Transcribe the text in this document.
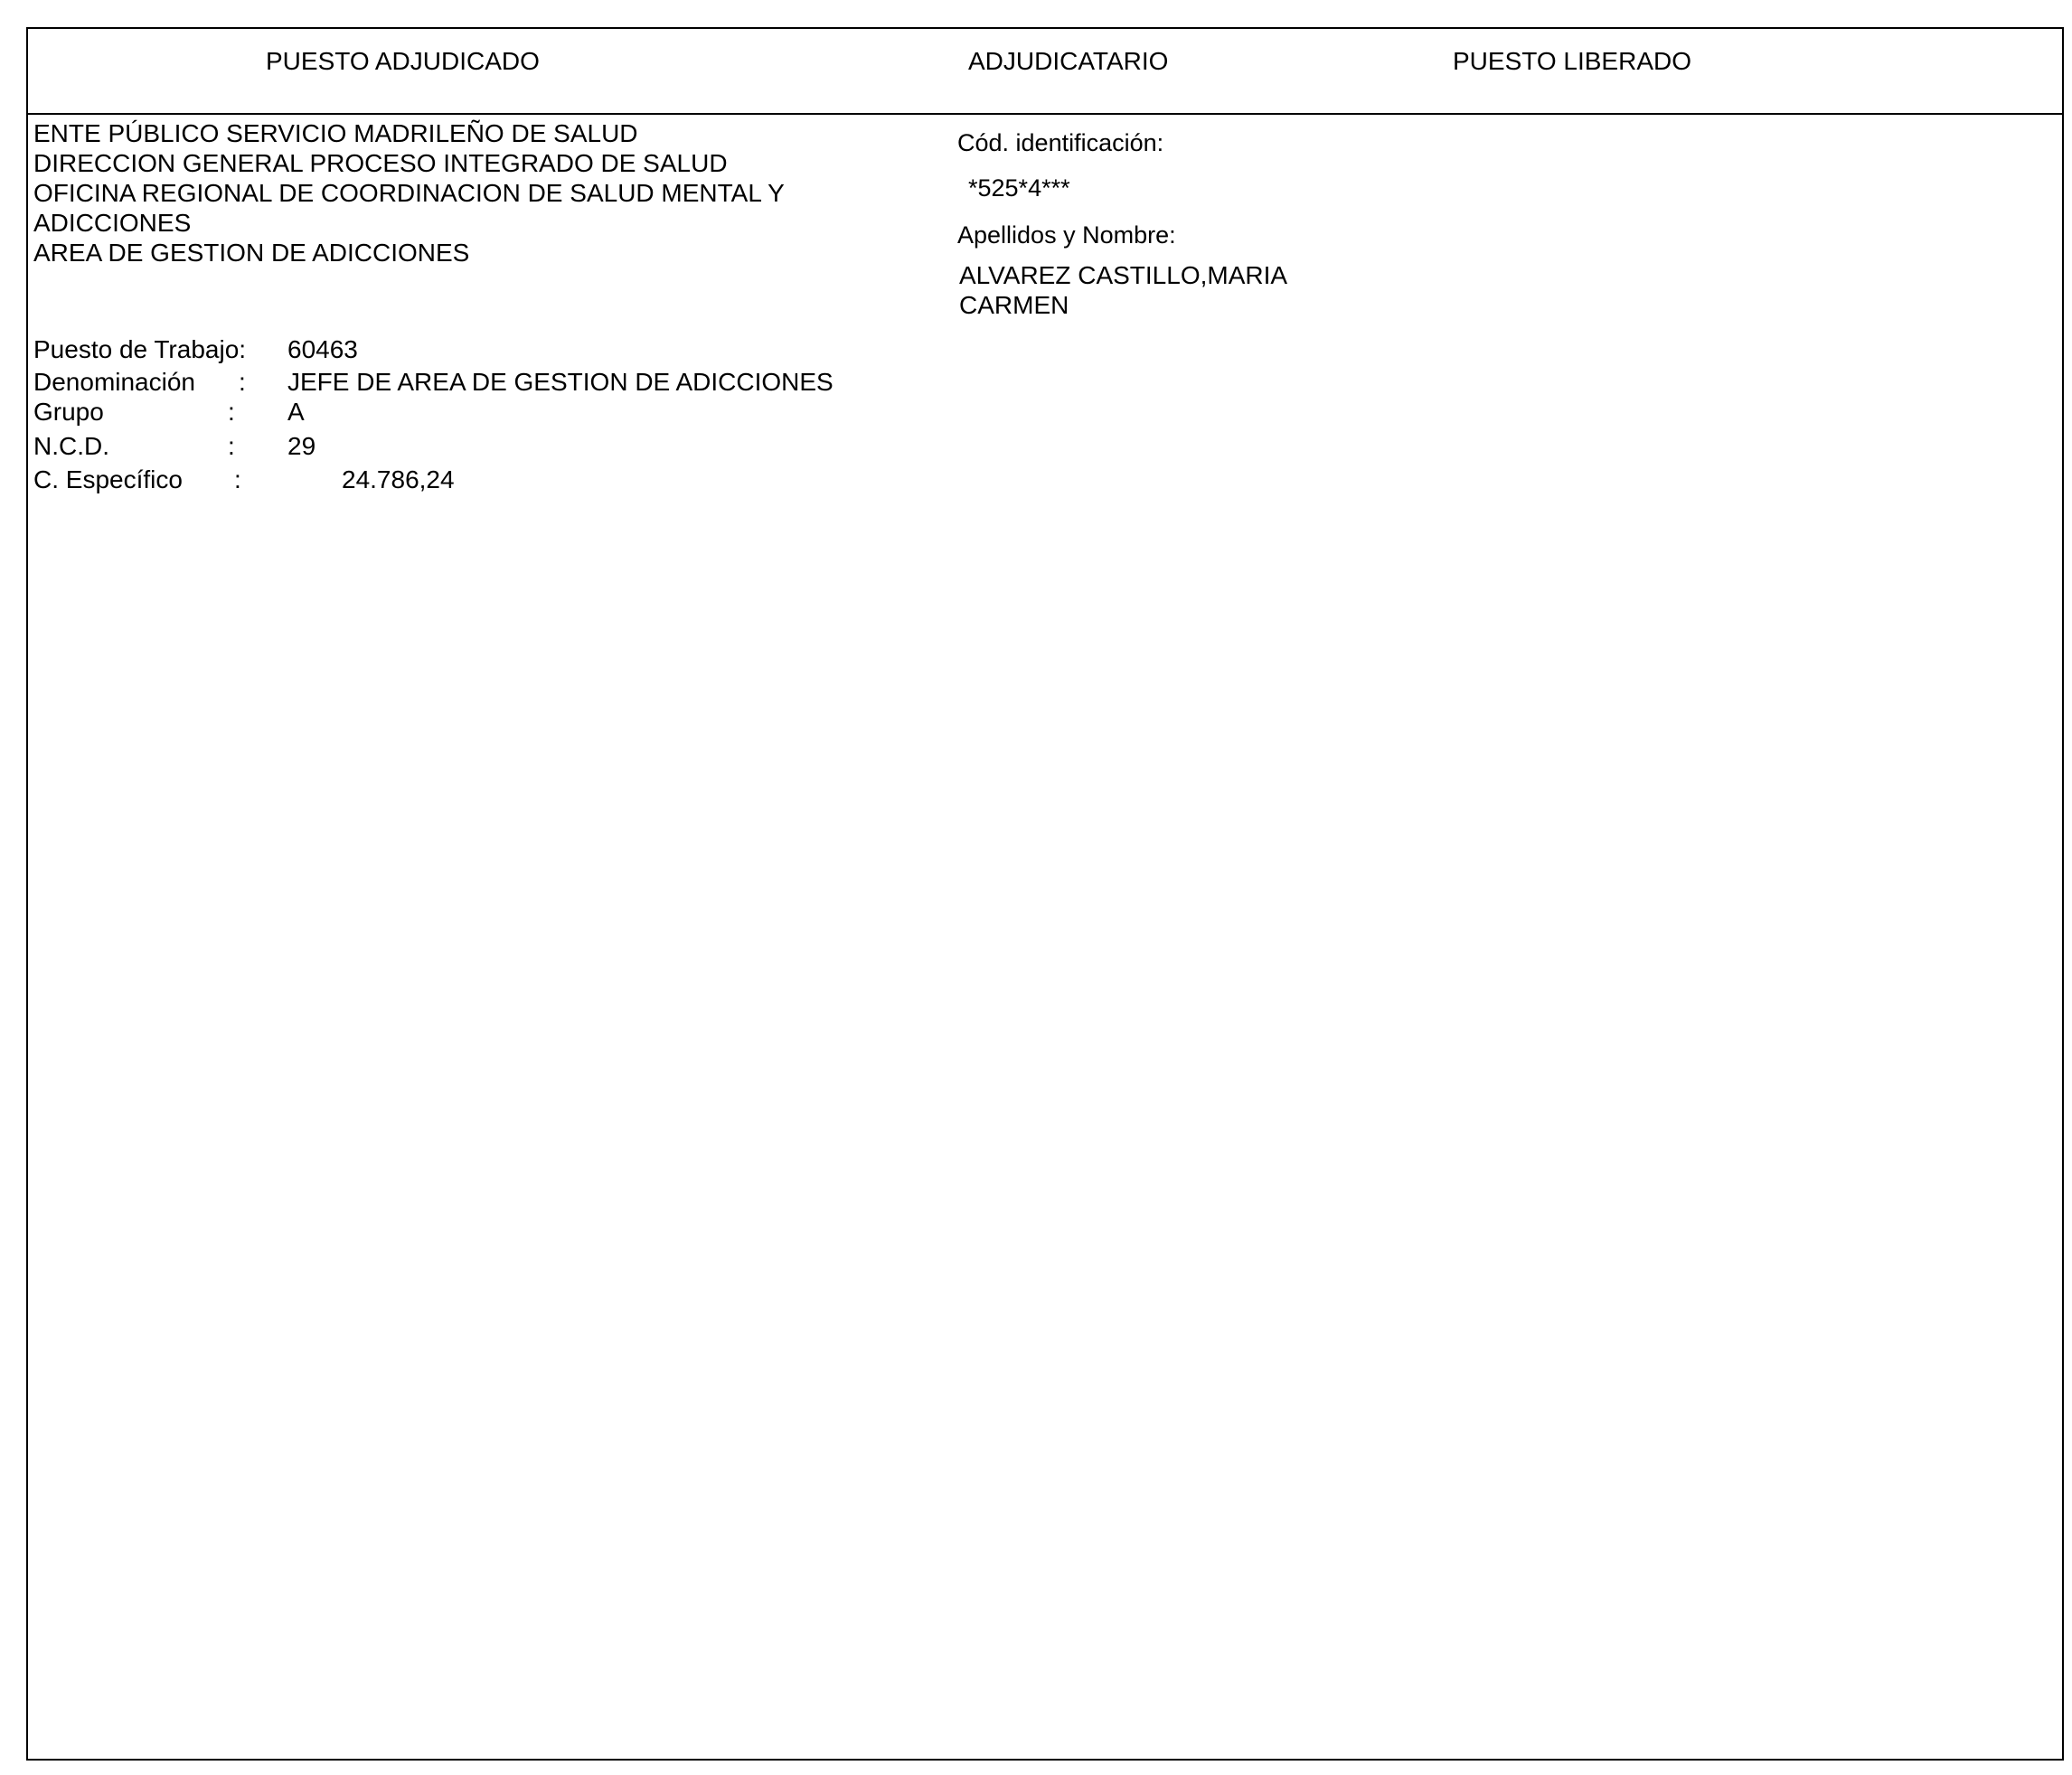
PUESTO ADJUDICADO	ADJUDICATARIO	PUESTO LIBERADO
ENTE PÚBLICO SERVICIO MADRILEÑO DE SALUD
DIRECCION GENERAL PROCESO INTEGRADO DE SALUD
OFICINA REGIONAL DE COORDINACION DE SALUD MENTAL Y
ADICCIONES
AREA DE GESTION DE ADICCIONES
Puesto de Trabajo: 60463
Denominación : JEFE DE AREA DE GESTION DE ADICCIONES
Grupo	: A
N.C.D.	: 29
C. Específico :	24.786,24
Cód. identificación:
*525*4***
Apellidos y Nombre:
ALVAREZ CASTILLO,MARIA
CARMEN
